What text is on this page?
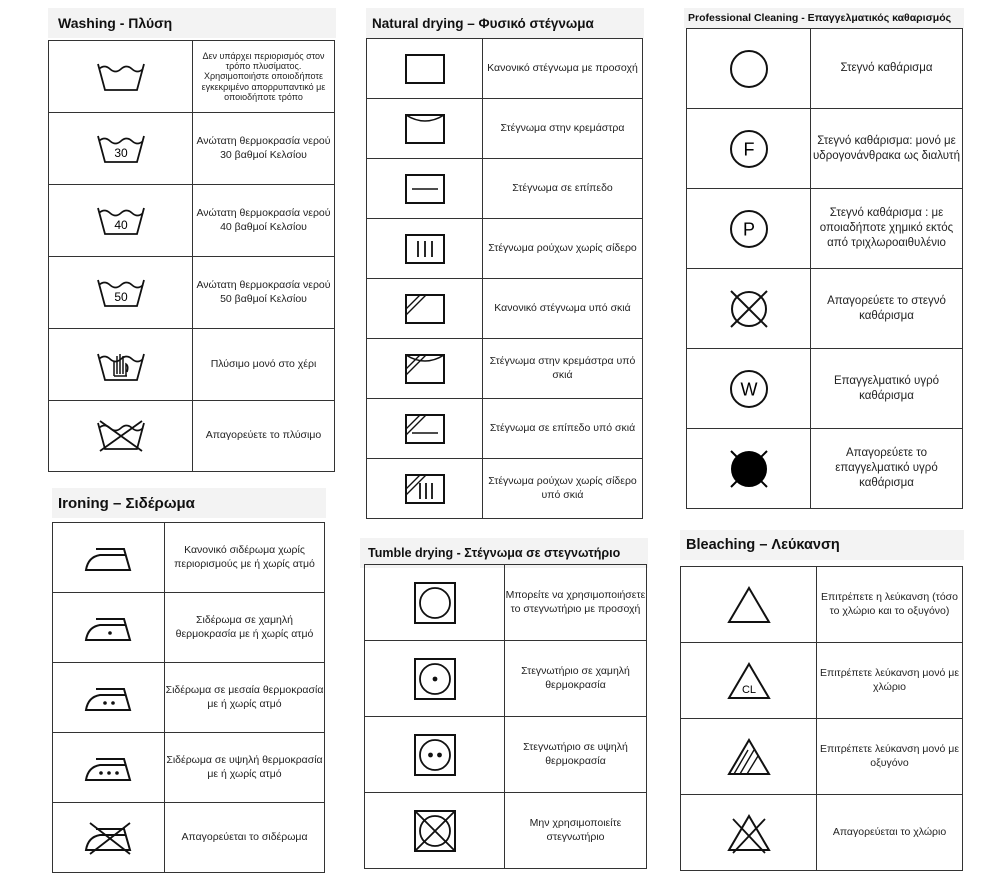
Washing - Πλύση
	Δεν υπάρχει περιορισμός στον τρόπο πλυσίματος. Χρησιμοποιήστε οποιοδήποτε εγκεκριμένο απορρυπαντικό με οποιοδήποτε τρόπο

30	Ανώτατη θερμοκρασία νερού 30 βαθμοί Κελσίου

40	Ανώτατη θερμοκρασία νερού 40 βαθμοί Κελσίου

50	Ανώτατη θερμοκρασία νερού 50 βαθμοί Κελσίου

	Πλύσιμο μονό στο χέρι

	Απαγορεύετε το πλύσιμο
Natural drying – Φυσικό στέγνωμα
	Κανονικό στέγνωμα με προσοχή

	Στέγνωμα στην κρεμάστρα

	Στέγνωμα σε επίπεδο

	Στέγνωμα ρούχων χωρίς σίδερο

	Κανονικό στέγνωμα υπό σκιά

	Στέγνωμα στην κρεμάστρα υπό σκιά

	Στέγνωμα σε επίπεδο υπό σκιά

	Στέγνωμα ρούχων χωρίς σίδερο υπό σκιά
Professional Cleaning - Επαγγελματικός καθαρισμός
	Στεγνό καθάρισμα

F	Στεγνό καθάρισμα: μονό με υδρογονάνθρακα ως διαλυτή

P	Στεγνό καθάρισμα : με οποιαδήποτε χημικό εκτός από τριχλωροαιθυλένιο

	Απαγορεύετε το στεγνό καθάρισμα

W	Επαγγελματικό υγρό καθάρισμα

	Απαγορεύετε το επαγγελματικό υγρό καθάρισμα
Ironing – Σιδέρωμα
	Κανονικό σιδέρωμα χωρίς περιορισμούς με ή χωρίς ατμό

	Σιδέρωμα σε χαμηλή θερμοκρασία με ή χωρίς ατμό

	Σιδέρωμα σε μεσαία θερμοκρασία με ή χωρίς ατμό

	Σιδέρωμα σε υψηλή θερμοκρασία με ή χωρίς ατμό

	Απαγορεύεται το σιδέρωμα
Tumble drying - Στέγνωμα σε στεγνωτήριο
	Μπορείτε να χρησιμοποιήσετε το στεγνωτήριο με προσοχή

	Στεγνωτήριο σε χαμηλή θερμοκρασία

	Στεγνωτήριο σε υψηλή θερμοκρασία

	Μην χρησιμοποιείτε στεγνωτήριο
Bleaching – Λεύκανση
	Επιτρέπετε η λεύκανση (τόσο το χλώριο και το οξυγόνο)

CL	Επιτρέπετε λεύκανση μονό με χλώριο

	Επιτρέπετε λεύκανση μονό με οξυγόνο

	Απαγορεύεται το χλώριο
